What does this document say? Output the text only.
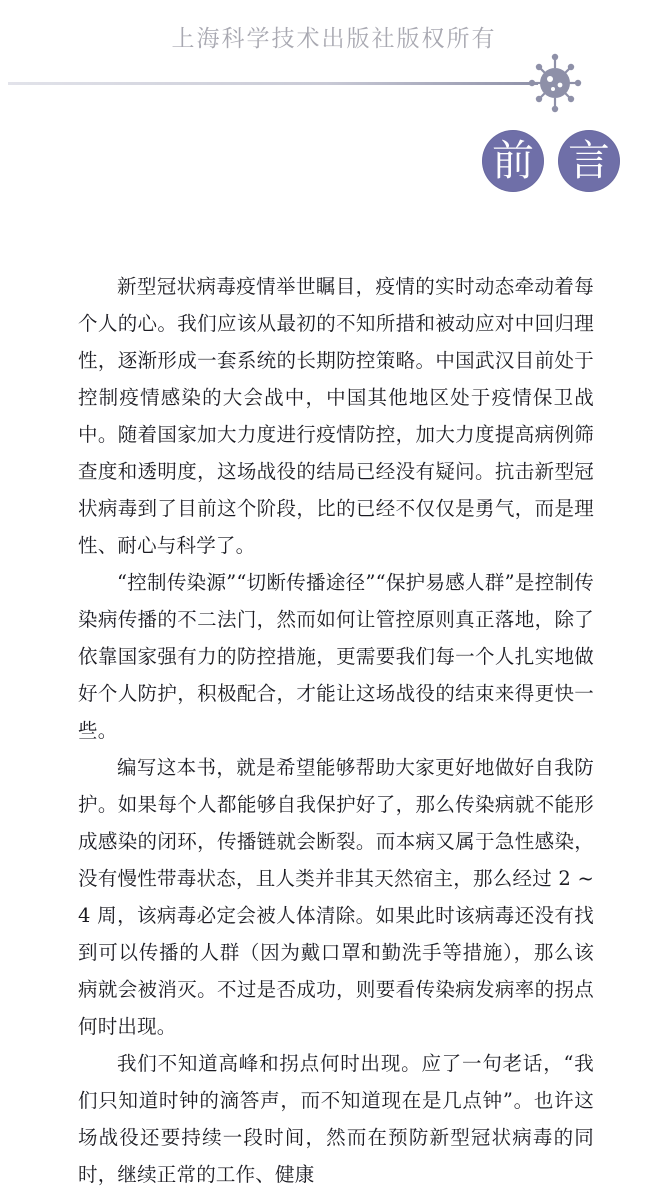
上海科学技术出版社版权所有
前 言

新型冠状病毒疫情举世瞩目，疫情的实时动态牵动着每个人的心。我们应该从最初的不知所措和被动应对中回归理性，逐渐形成一套系统的长期防控策略。中国武汉目前处于控制疫情感染的大会战中，中国其他地区处于疫情保卫战中。随着国家加大力度进行疫情防控，加大力度提高病例筛查度和透明度，这场战役的结局已经没有疑问。抗击新型冠状病毒到了目前这个阶段，比的已经不仅仅是勇气，而是理性、耐心与科学了。

“控制传染源”“切断传播途径”“保护易感人群”是控制传染病传播的不二法门，然而如何让管控原则真正落地，除了依靠国家强有力的防控措施，更需要我们每一个人扎实地做好个人防护，积极配合，才能让这场战役的结束来得更快一些。

编写这本书，就是希望能够帮助大家更好地做好自我防护。如果每个人都能够自我保护好了，那么传染病就不能形成感染的闭环，传播链就会断裂。而本病又属于急性感染，没有慢性带毒状态，且人类并非其天然宿主，那么经过 2 ~ 4 周，该病毒必定会被人体清除。如果此时该病毒还没有找到可以传播的人群（因为戴口罩和勤洗手等措施），那么该病就会被消灭。不过是否成功，则要看传染病发病率的拐点何时出现。

我们不知道高峰和拐点何时出现。应了一句老话，“我们只知道时钟的滴答声，而不知道现在是几点钟”。也许这场战役还要持续一段时间，然而在预防新型冠状病毒的同时，继续正常的工作、健康
